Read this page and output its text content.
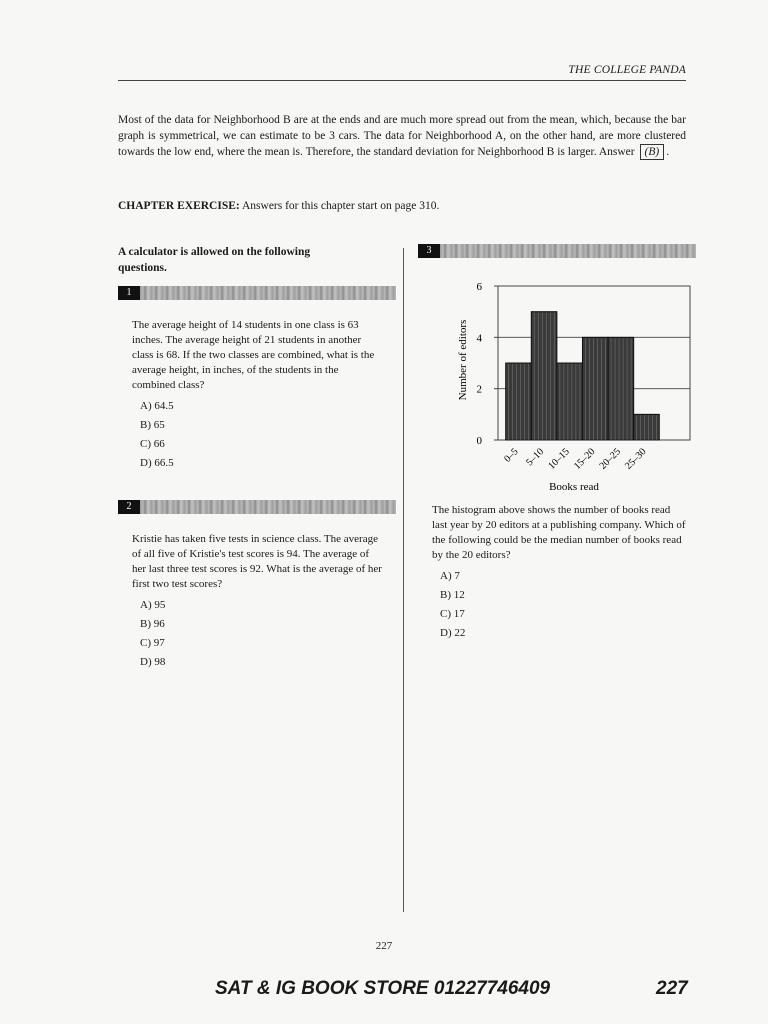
THE COLLEGE PANDA
Most of the data for Neighborhood B are at the ends and are much more spread out from the mean, which, because the bar graph is symmetrical, we can estimate to be 3 cars. The data for Neighborhood A, on the other hand, are more clustered towards the low end, where the mean is. Therefore, the standard deviation for Neighborhood B is larger. Answer (B) .
CHAPTER EXERCISE: Answers for this chapter start on page 310.
A calculator is allowed on the following questions.
1
The average height of 14 students in one class is 63 inches. The average height of 21 students in another class is 68. If the two classes are combined, what is the average height, in inches, of the students in the combined class?
A) 64.5
B) 65
C) 66
D) 66.5
2
Kristie has taken five tests in science class. The average of all five of Kristie's test scores is 94. The average of her last three test scores is 92. What is the average of her first two test scores?
A) 95
B) 96
C) 97
D) 98
3
0
2
4
6
0–5 5–10 10–15 15–20 20–25 25–30
Number of editors
Books read
The histogram above shows the number of books read last year by 20 editors at a publishing company. Which of the following could be the median number of books read by the 20 editors?
A) 7
B) 12
C) 17
D) 22
227
SAT & IG BOOK STORE 01227746409	227
